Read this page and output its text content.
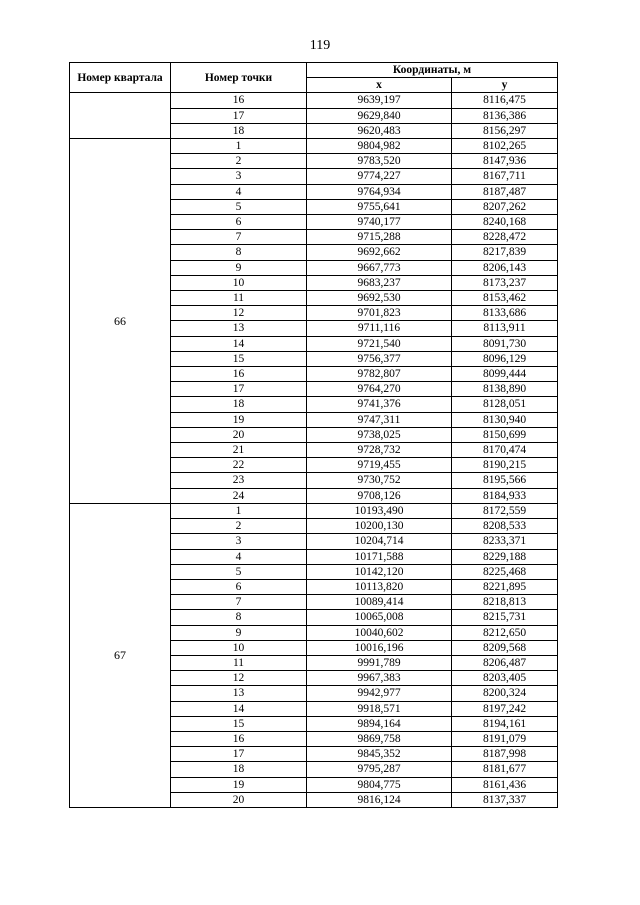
119
Номер квартала	Номер точки	Координаты, м	
		x	y
	16	9639,197	8116,475
	17	9629,840	8136,386
	18	9620,483	8156,297
66	1	9804,982	8102,265
	2	9783,520	8147,936
	3	9774,227	8167,711
	4	9764,934	8187,487
	5	9755,641	8207,262
	6	9740,177	8240,168
	7	9715,288	8228,472
	8	9692,662	8217,839
	9	9667,773	8206,143
	10	9683,237	8173,237
	11	9692,530	8153,462
	12	9701,823	8133,686
	13	9711,116	8113,911
	14	9721,540	8091,730
	15	9756,377	8096,129
	16	9782,807	8099,444
	17	9764,270	8138,890
	18	9741,376	8128,051
	19	9747,311	8130,940
	20	9738,025	8150,699
	21	9728,732	8170,474
	22	9719,455	8190,215
	23	9730,752	8195,566
	24	9708,126	8184,933
67	1	10193,490	8172,559
	2	10200,130	8208,533
	3	10204,714	8233,371
	4	10171,588	8229,188
	5	10142,120	8225,468
	6	10113,820	8221,895
	7	10089,414	8218,813
	8	10065,008	8215,731
	9	10040,602	8212,650
	10	10016,196	8209,568
	11	9991,789	8206,487
	12	9967,383	8203,405
	13	9942,977	8200,324
	14	9918,571	8197,242
	15	9894,164	8194,161
	16	9869,758	8191,079
	17	9845,352	8187,998
	18	9795,287	8181,677
	19	9804,775	8161,436
	20	9816,124	8137,337
